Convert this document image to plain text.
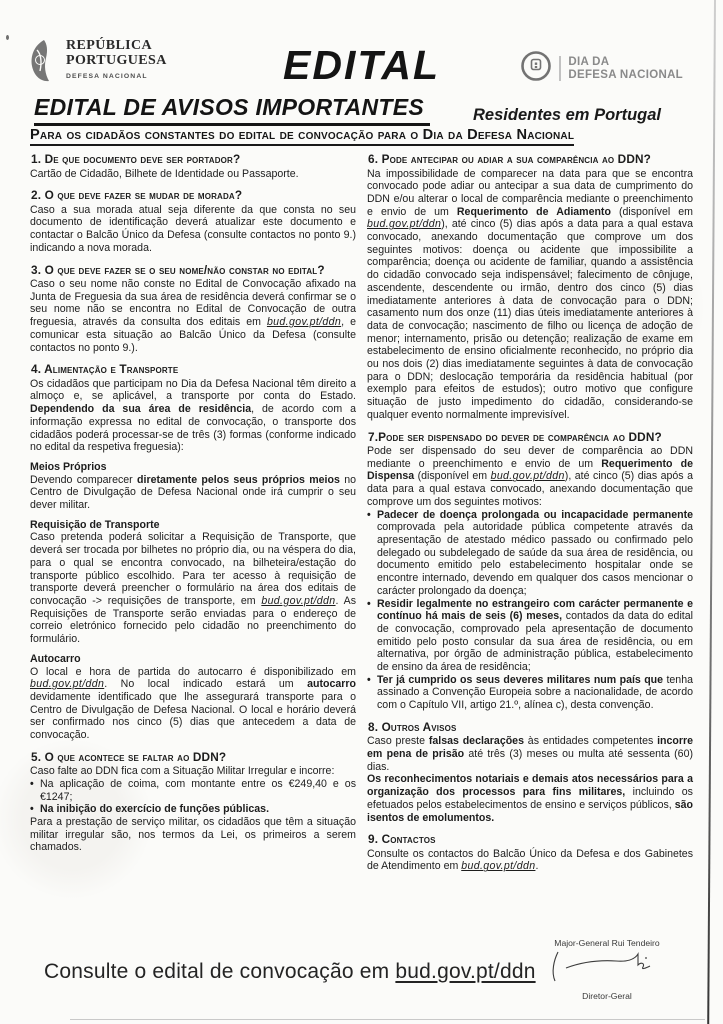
REPÚBLICA
PORTUGUESA
DEFESA NACIONAL	EDITAL	DIA DA
DEFESA NACIONAL
EDITAL DE AVISOS IMPORTANTES	Residentes em Portugal
Para os cidadãos constantes do edital de convocação para o Dia da Defesa Nacional
1. De que documento deve ser portador?
Cartão de Cidadão, Bilhete de Identidade ou Passaporte.
2. O que deve fazer se mudar de morada?
Caso a sua morada atual seja diferente da que consta no seu documento de identificação deverá atualizar este documento e contactar o Balcão Único da Defesa (consulte contactos no ponto 9.) indicando a nova morada.
3. O que deve fazer se o seu nome/não constar no edital?
Caso o seu nome não conste no Edital de Convocação afixado na Junta de Freguesia da sua área de residência deverá confirmar se o seu nome não se encontra no Edital de Convocação de outra freguesia, através da consulta dos editais em bud.gov.pt/ddn, e comunicar esta situação ao Balcão Único da Defesa (consulte contactos no ponto 9.).
4. Alimentação e Transporte
Os cidadãos que participam no Dia da Defesa Nacional têm direito a almoço e, se aplicável, a transporte por conta do Estado. Dependendo da sua área de residência, de acordo com a informação expressa no edital de convocação, o transporte dos cidadãos poderá processar-se de três (3) formas (conforme indicado no edital da respetiva freguesia):
Meios Próprios
Devendo comparecer diretamente pelos seus próprios meios no Centro de Divulgação de Defesa Nacional onde irá cumprir o seu dever militar.
Requisição de Transporte
Caso pretenda poderá solicitar a Requisição de Transporte, que deverá ser trocada por bilhetes no próprio dia, ou na véspera do dia, para o qual se encontra convocado, na bilheteira/estação do transporte público escolhido. Para ter acesso à requisição de transporte deverá preencher o formulário na área dos editais de convocação -> requisições de transporte, em bud.gov.pt/ddn. As Requisições de Transporte serão enviadas para o endereço de correio eletrónico fornecido pelo cidadão no preenchimento do formulário.
Autocarro
O local e hora de partida do autocarro é disponibilizado em bud.gov.pt/ddn. No local indicado estará um autocarro devidamente identificado que lhe assegurará transporte para o Centro de Divulgação de Defesa Nacional. O local e horário deverá ser confirmado nos cinco (5) dias que antecedem a data de convocação.
5. O que acontece se faltar ao DDN?
Caso falte ao DDN fica com a Situação Militar Irregular e incorre:
• Na aplicação de coima, com montante entre os €249,40 e os €1247;
• Na inibição do exercício de funções públicas.
Para a prestação de serviço militar, os cidadãos que têm a situação militar irregular são, nos termos da Lei, os primeiros a serem chamados.
6. Pode antecipar ou adiar a sua comparência ao DDN?
Na impossibilidade de comparecer na data para que se encontra convocado pode adiar ou antecipar a sua data de cumprimento do DDN e/ou alterar o local de comparência mediante o preenchimento e envio de um Requerimento de Adiamento (disponível em bud.gov.pt/ddn), até cinco (5) dias após a data para a qual estava convocado, anexando documentação que comprove um dos seguintes motivos: doença ou acidente que impossibilite a comparência; doença ou acidente de familiar, quando a assistência do cidadão convocado seja indispensável; falecimento de cônjuge, ascendente, descendente ou irmão, dentro dos cinco (5) dias imediatamente anteriores à data de convocação para o DDN; casamento num dos onze (11) dias úteis imediatamente anteriores à data de convocação; nascimento de filho ou licença de adoção de menor; internamento, prisão ou detenção; realização de exame em estabelecimento de ensino oficialmente reconhecido, no próprio dia ou nos dois (2) dias imediatamente seguintes à data de convocação para o DDN; deslocação temporária da residência habitual (por exemplo para efeitos de estudos); outro motivo que configure situação de justo impedimento do cidadão, considerando-se qualquer evento normalmente imprevisível.
7.Pode ser dispensado do dever de comparência ao DDN?
Pode ser dispensado do seu dever de comparência ao DDN mediante o preenchimento e envio de um Requerimento de Dispensa (disponível em bud.gov.pt/ddn), até cinco (5) dias após a data para a qual estava convocado, anexando documentação que comprove um dos seguintes motivos:
• Padecer de doença prolongada ou incapacidade permanente comprovada pela autoridade pública competente através da apresentação de atestado médico passado ou confirmado pelo delegado ou subdelegado de saúde da sua área de residência, ou documento emitido pelo estabelecimento hospitalar onde se encontre internado, devendo em qualquer dos casos mencionar o carácter prolongado da doença;
• Residir legalmente no estrangeiro com carácter permanente e contínuo há mais de seis (6) meses, contados da data do edital de convocação, comprovado pela apresentação de documento emitido pelo posto consular da sua área de residência, ou em alternativa, por órgão de administração pública, estabelecimento de ensino da área de residência;
• Ter já cumprido os seus deveres militares num país que tenha assinado a Convenção Europeia sobre a nacionalidade, de acordo com o Capítulo VII, artigo 21.º, alínea c), desta convenção.
8. Outros Avisos
Caso preste falsas declarações às entidades competentes incorre em pena de prisão até três (3) meses ou multa até sessenta (60) dias.
Os reconhecimentos notariais e demais atos necessários para a organização dos processos para fins militares, incluindo os efetuados pelos estabelecimentos de ensino e serviços públicos, são isentos de emolumentos.
9. Contactos
Consulte os contactos do Balcão Único da Defesa e dos Gabinetes de Atendimento em bud.gov.pt/ddn.
Consulte o edital de convocação em bud.gov.pt/ddn
Major-General Rui Tendeiro
Diretor-Geral
